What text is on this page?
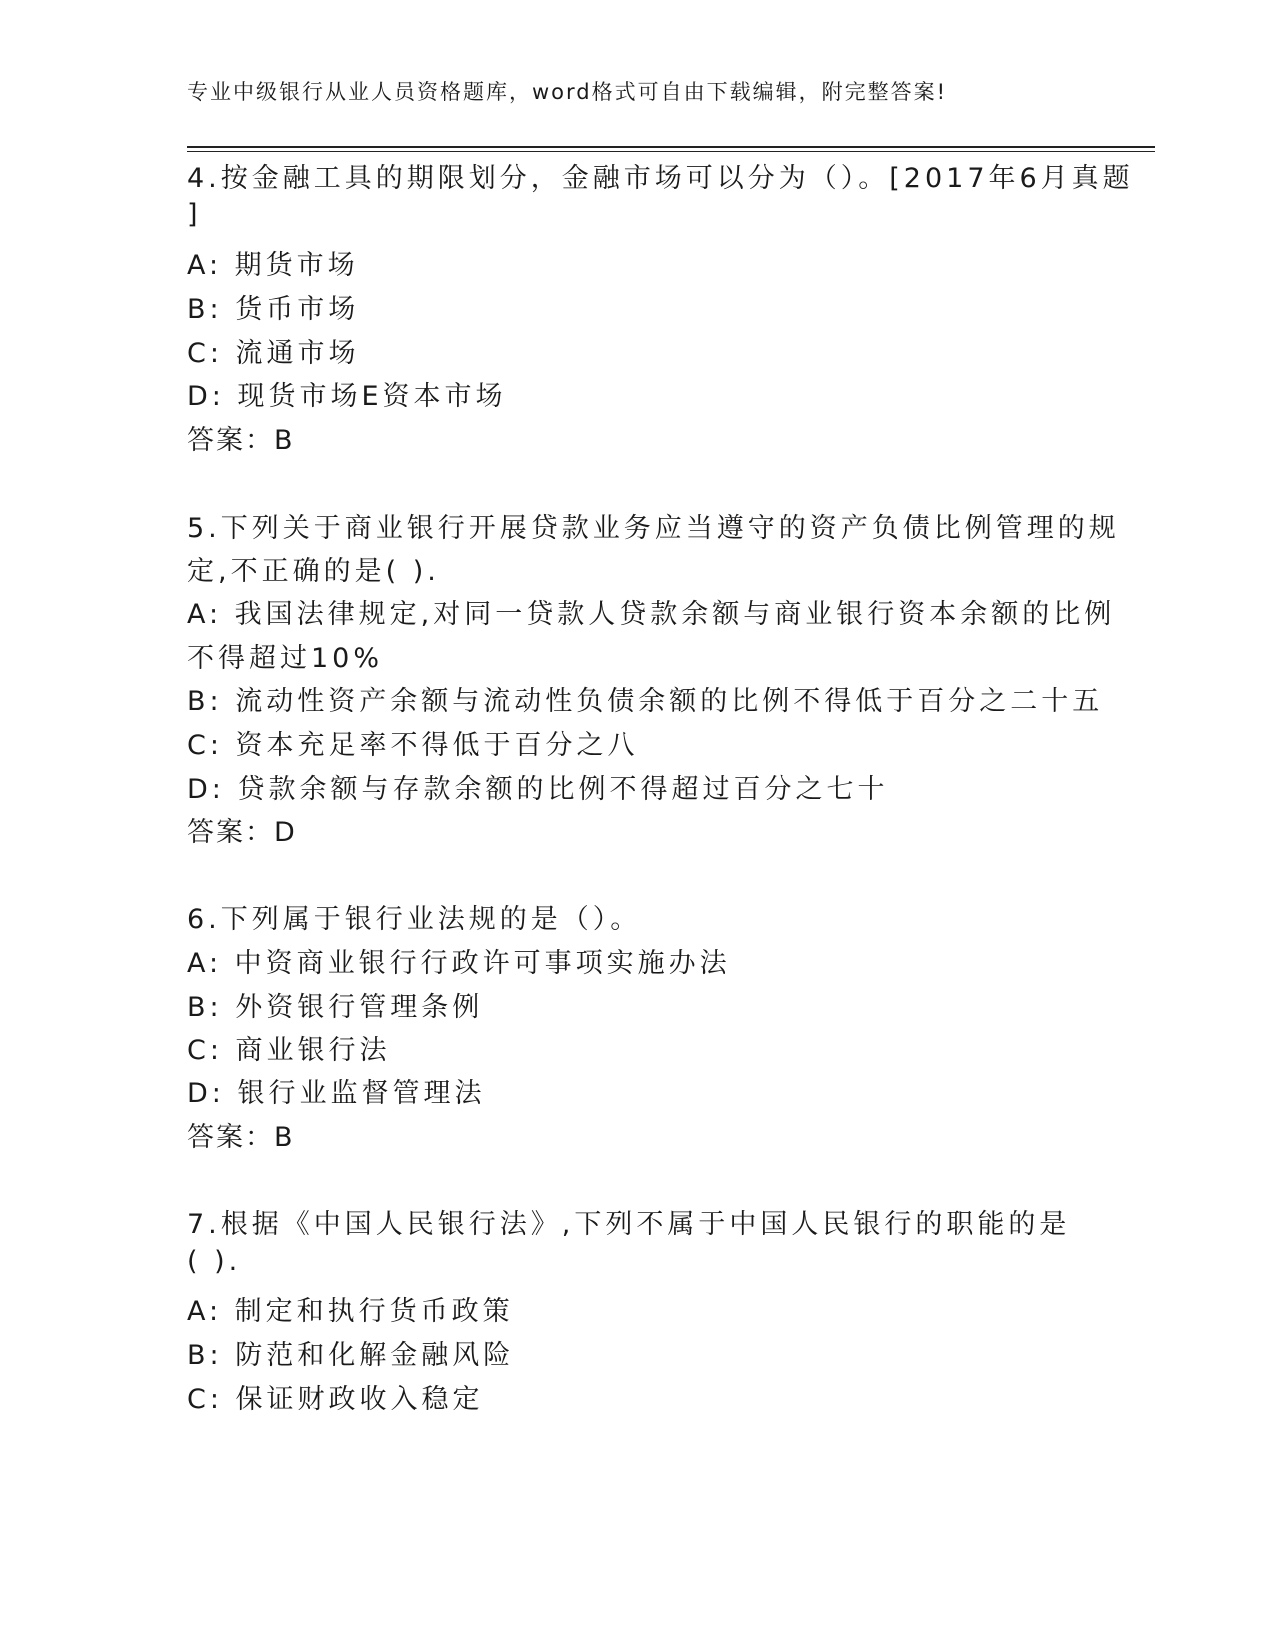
专业中级银行从业人员资格题库，word格式可自由下载编辑，附完整答案!
4.按金融工具的期限划分，金融市场可以分为（）。[2017年6月真题
]
A: 期货市场
B: 货币市场
C: 流通市场
D: 现货市场E资本市场
答案：B
5.下列关于商业银行开展贷款业务应当遵守的资产负债比例管理的规
定,不正确的是( ).
A: 我国法律规定,对同一贷款人贷款余额与商业银行资本余额的比例
不得超过10%
B: 流动性资产余额与流动性负债余额的比例不得低于百分之二十五
C: 资本充足率不得低于百分之八
D: 贷款余额与存款余额的比例不得超过百分之七十
答案：D
6.下列属于银行业法规的是（）。
A: 中资商业银行行政许可事项实施办法
B: 外资银行管理条例
C: 商业银行法
D: 银行业监督管理法
答案：B
7.根据《中国人民银行法》,下列不属于中国人民银行的职能的是
( ).
A: 制定和执行货币政策
B: 防范和化解金融风险
C: 保证财政收入稳定
